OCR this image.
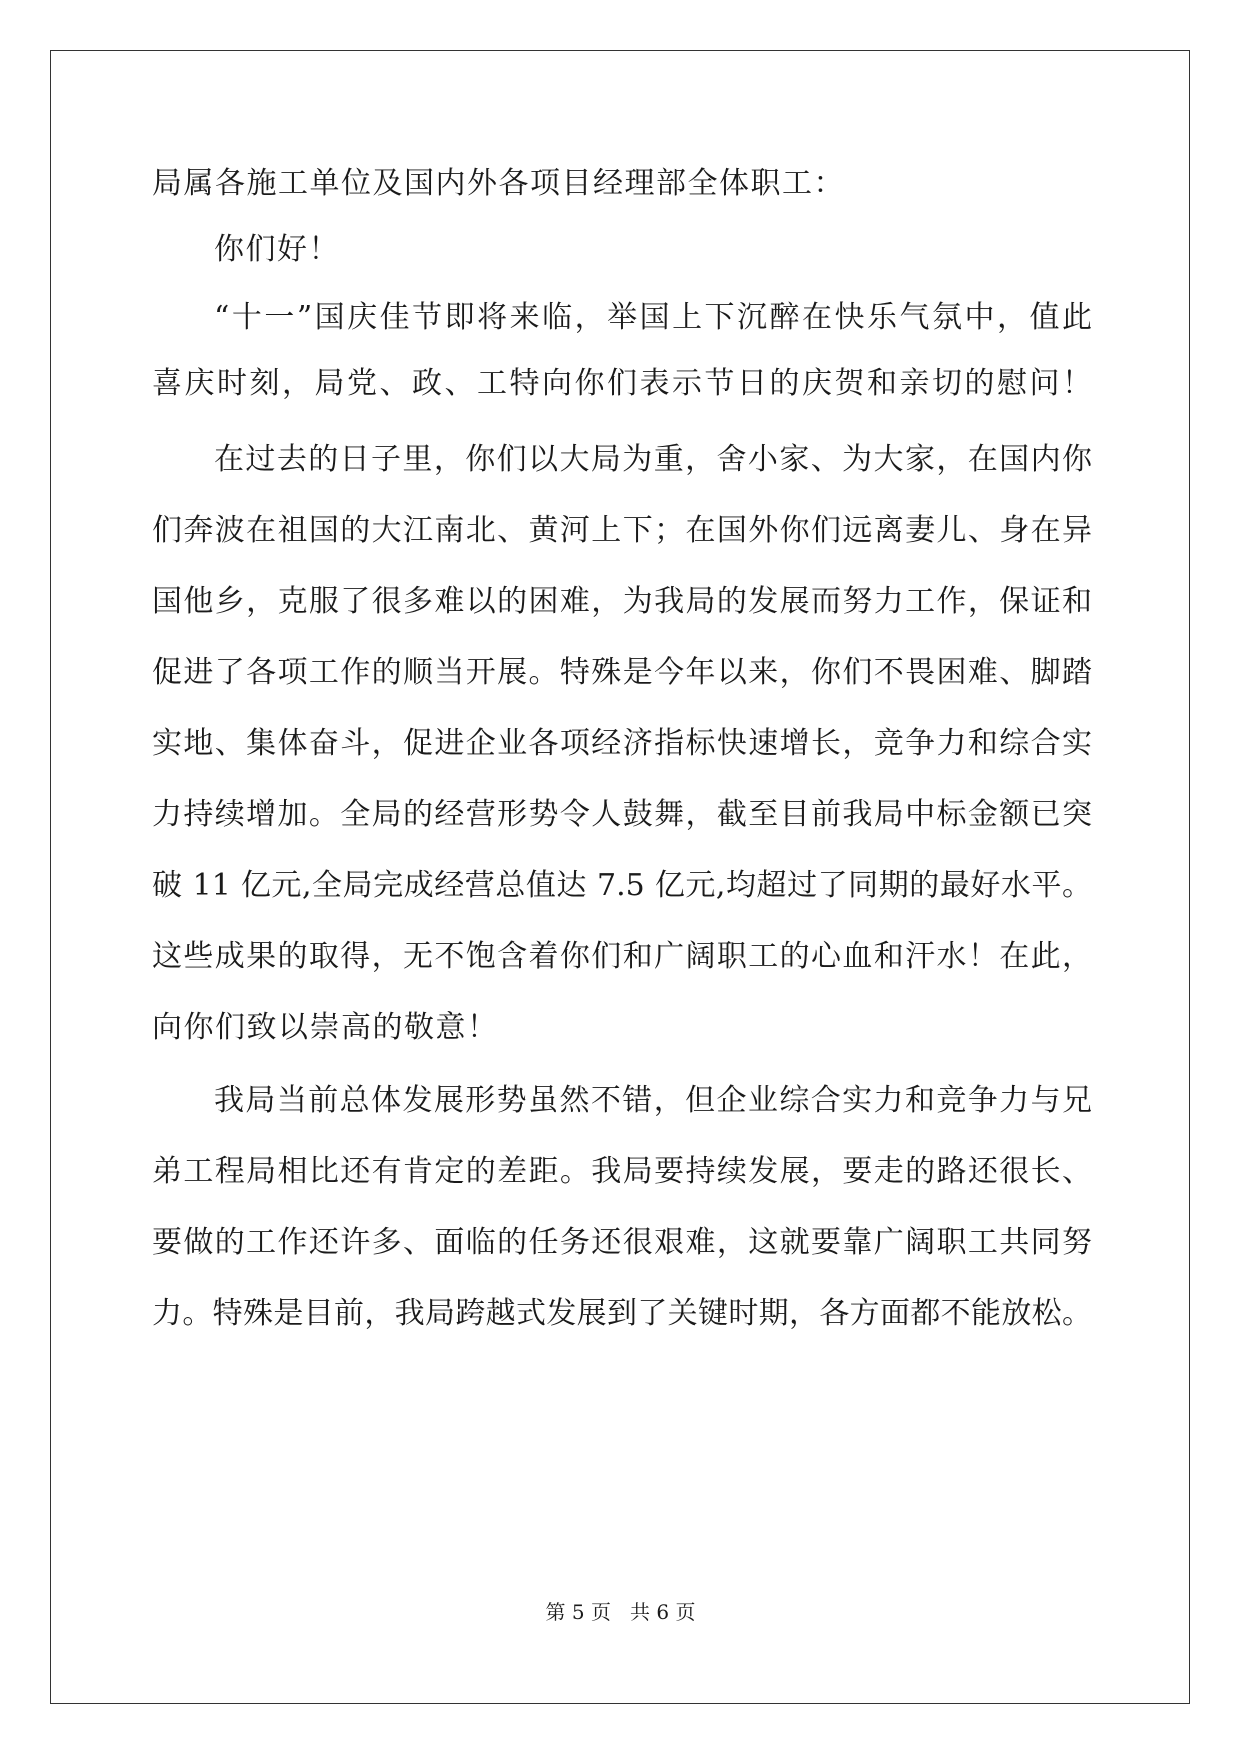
局属各施工单位及国内外各项目经理部全体职工：
你们好！
“十一”国庆佳节即将来临，举国上下沉醉在快乐气氛中，值此
喜庆时刻，局党、政、工特向你们表示节日的庆贺和亲切的慰问！
在过去的日子里，你们以大局为重，舍小家、为大家，在国内你
们奔波在祖国的大江南北、黄河上下；在国外你们远离妻儿、身在异
国他乡，克服了很多难以的困难，为我局的发展而努力工作，保证和
促进了各项工作的顺当开展。特殊是今年以来，你们不畏困难、脚踏
实地、集体奋斗，促进企业各项经济指标快速增长，竞争力和综合实
力持续增加。全局的经营形势令人鼓舞，截至目前我局中标金额已突
破 11 亿元,全局完成经营总值达 7.5 亿元,均超过了同期的最好水平。
这些成果的取得，无不饱含着你们和广阔职工的心血和汗水！在此，
向你们致以崇高的敬意！
我局当前总体发展形势虽然不错，但企业综合实力和竞争力与兄
弟工程局相比还有肯定的差距。我局要持续发展，要走的路还很长、
要做的工作还许多、面临的任务还很艰难，这就要靠广阔职工共同努
力。特殊是目前，我局跨越式发展到了关键时期，各方面都不能放松。
第 5 页 共 6 页
